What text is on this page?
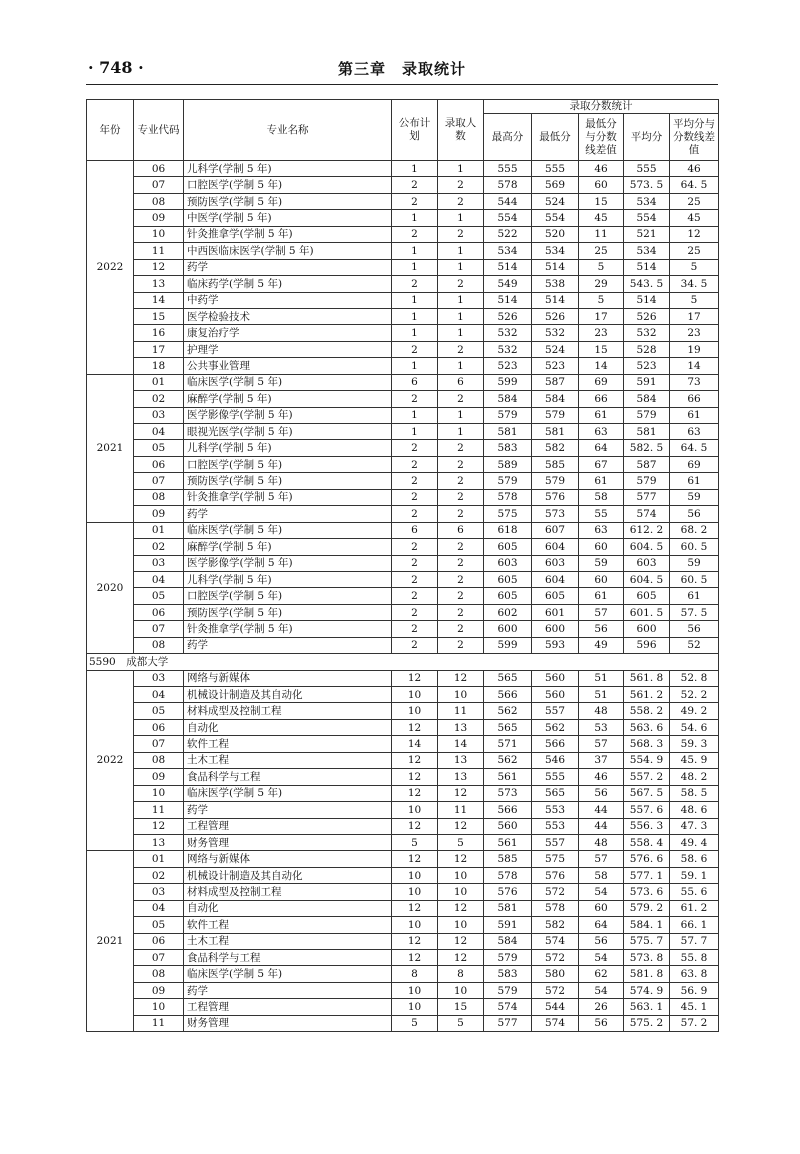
· 748 ·	第三章　录取统计
年份	专业代码	专业名称	公布计划	录取人数	录取分数统计				
					最高分	最低分	最低分与分数线差值	平均分	平均分与分数线差值
2022	06	儿科学(学制 5 年)	1	1	555	555	46	555	46
	07	口腔医学(学制 5 年)	2	2	578	569	60	573. 5	64. 5
	08	预防医学(学制 5 年)	2	2	544	524	15	534	25
	09	中医学(学制 5 年)	1	1	554	554	45	554	45
	10	针灸推拿学(学制 5 年)	2	2	522	520	11	521	12
	11	中西医临床医学(学制 5 年)	1	1	534	534	25	534	25
	12	药学	1	1	514	514	5	514	5
	13	临床药学(学制 5 年)	2	2	549	538	29	543. 5	34. 5
	14	中药学	1	1	514	514	5	514	5
	15	医学检验技术	1	1	526	526	17	526	17
	16	康复治疗学	1	1	532	532	23	532	23
	17	护理学	2	2	532	524	15	528	19
	18	公共事业管理	1	1	523	523	14	523	14
2021	01	临床医学(学制 5 年)	6	6	599	587	69	591	73
	02	麻醉学(学制 5 年)	2	2	584	584	66	584	66
	03	医学影像学(学制 5 年)	1	1	579	579	61	579	61
	04	眼视光医学(学制 5 年)	1	1	581	581	63	581	63
	05	儿科学(学制 5 年)	2	2	583	582	64	582. 5	64. 5
	06	口腔医学(学制 5 年)	2	2	589	585	67	587	69
	07	预防医学(学制 5 年)	2	2	579	579	61	579	61
	08	针灸推拿学(学制 5 年)	2	2	578	576	58	577	59
	09	药学	2	2	575	573	55	574	56
2020	01	临床医学(学制 5 年)	6	6	618	607	63	612. 2	68. 2
	02	麻醉学(学制 5 年)	2	2	605	604	60	604. 5	60. 5
	03	医学影像学(学制 5 年)	2	2	603	603	59	603	59
	04	儿科学(学制 5 年)	2	2	605	604	60	604. 5	60. 5
	05	口腔医学(学制 5 年)	2	2	605	605	61	605	61
	06	预防医学(学制 5 年)	2	2	602	601	57	601. 5	57. 5
	07	针灸推拿学(学制 5 年)	2	2	600	600	56	600	56
	08	药学	2	2	599	593	49	596	52
5590　成都大学									
2022	03	网络与新媒体	12	12	565	560	51	561. 8	52. 8
	04	机械设计制造及其自动化	10	10	566	560	51	561. 2	52. 2
	05	材料成型及控制工程	10	11	562	557	48	558. 2	49. 2
	06	自动化	12	13	565	562	53	563. 6	54. 6
	07	软件工程	14	14	571	566	57	568. 3	59. 3
	08	土木工程	12	13	562	546	37	554. 9	45. 9
	09	食品科学与工程	12	13	561	555	46	557. 2	48. 2
	10	临床医学(学制 5 年)	12	12	573	565	56	567. 5	58. 5
	11	药学	10	11	566	553	44	557. 6	48. 6
	12	工程管理	12	12	560	553	44	556. 3	47. 3
	13	财务管理	5	5	561	557	48	558. 4	49. 4
2021	01	网络与新媒体	12	12	585	575	57	576. 6	58. 6
	02	机械设计制造及其自动化	10	10	578	576	58	577. 1	59. 1
	03	材料成型及控制工程	10	10	576	572	54	573. 6	55. 6
	04	自动化	12	12	581	578	60	579. 2	61. 2
	05	软件工程	10	10	591	582	64	584. 1	66. 1
	06	土木工程	12	12	584	574	56	575. 7	57. 7
	07	食品科学与工程	12	12	579	572	54	573. 8	55. 8
	08	临床医学(学制 5 年)	8	8	583	580	62	581. 8	63. 8
	09	药学	10	10	579	572	54	574. 9	56. 9
	10	工程管理	10	15	574	544	26	563. 1	45. 1
	11	财务管理	5	5	577	574	56	575. 2	57. 2
